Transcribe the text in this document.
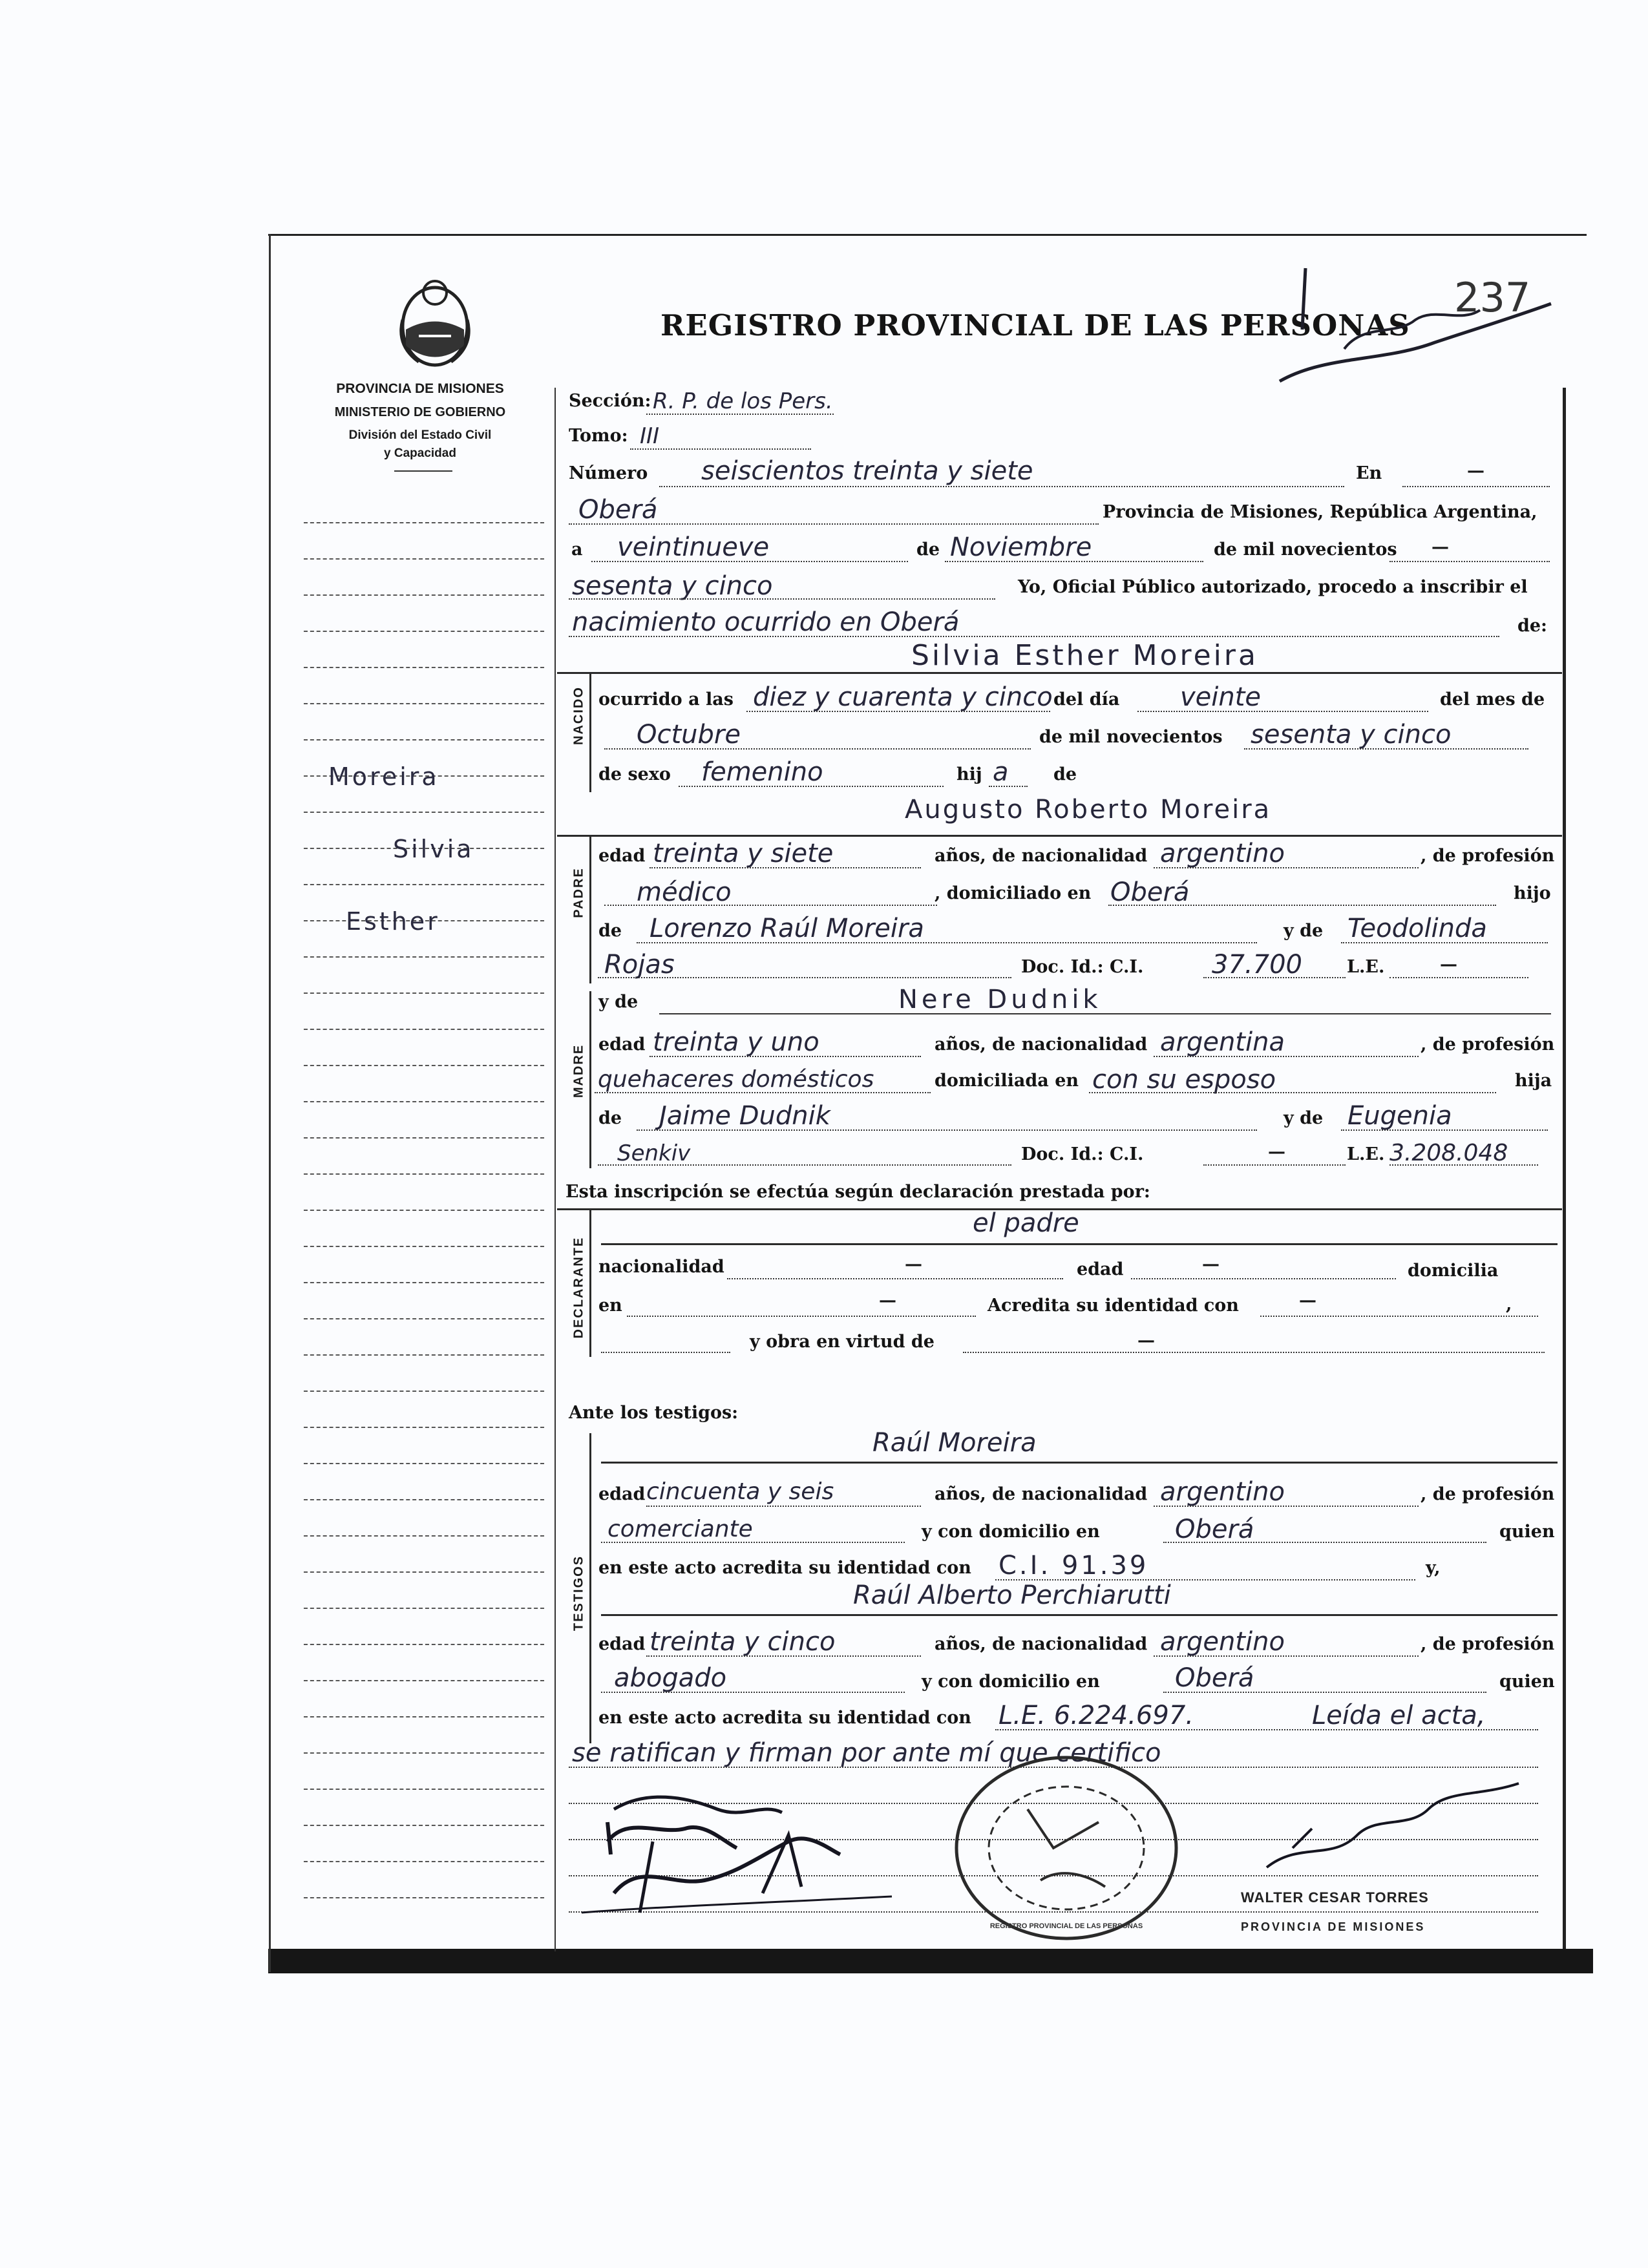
PROVINCIA DE MISIONES
MINISTERIO DE GOBIERNO
División del Estado Civil
y Capacidad
REGISTRO PROVINCIAL DE LAS PERSONAS
237
Moreira
Silvia
Esther
Sección: R. P. de los Pers.
Tomo: III
Número seiscientos treinta y siete	En	—
Oberá	Provincia de Misiones, República Argentina,
a veintinueve	de Noviembre	de mil novecientos —
sesenta y cinco	Yo, Oficial Público autorizado, procedo a inscribir el
nacimiento ocurrido en Oberá	de:
NACIDO
Silvia Esther Moreira
ocurrido a las diez y cuarenta y cinco del día veinte	del mes de
Octubre	de mil novecientos sesenta y cinco
de sexo femenino	hij a	de
PADRE
Augusto Roberto Moreira
edad treinta y siete	años, de nacionalidad argentino	, de profesión
médico	, domiciliado en Oberá	hijo
de Lorenzo Raúl Moreira	y de Teodolinda
Rojas	Doc. Id.: C.I.	37.700	L.E.	—
MADRE
y de	Nere Dudnik
edad treinta y uno	años, de nacionalidad argentina	, de profesión
quehaceres domésticos	domiciliada en con su esposo	hija
de Jaime Dudnik	y de Eugenia
Senkiv	Doc. Id.: C.I.	—	L.E. 3.208.048
Esta inscripción se efectúa según declaración prestada por:
DECLARANTE
el padre
nacionalidad	—	edad	—	domicilia
en	—	Acredita su identidad con	—	,
y obra en virtud de	—
Ante los testigos:
TESTIGOS
Raúl Moreira
edad cincuenta y seis	años, de nacionalidad argentino	, de profesión
comerciante	y con domicilio en	Oberá	quien
en este acto acredita su identidad con C.I. 91.39	y,
Raúl Alberto Perchiarutti
edad treinta y cinco	años, de nacionalidad argentino	, de profesión
abogado	y con domicilio en	Oberá	quien
en este acto acredita su identidad con L.E. 6.224.697.	Leída el acta,
se ratifican y firman por ante mí que certifico
REGISTRO PROVINCIAL DE LAS PERSONAS
WALTER CESAR TORRES
PROVINCIA DE MISIONES
